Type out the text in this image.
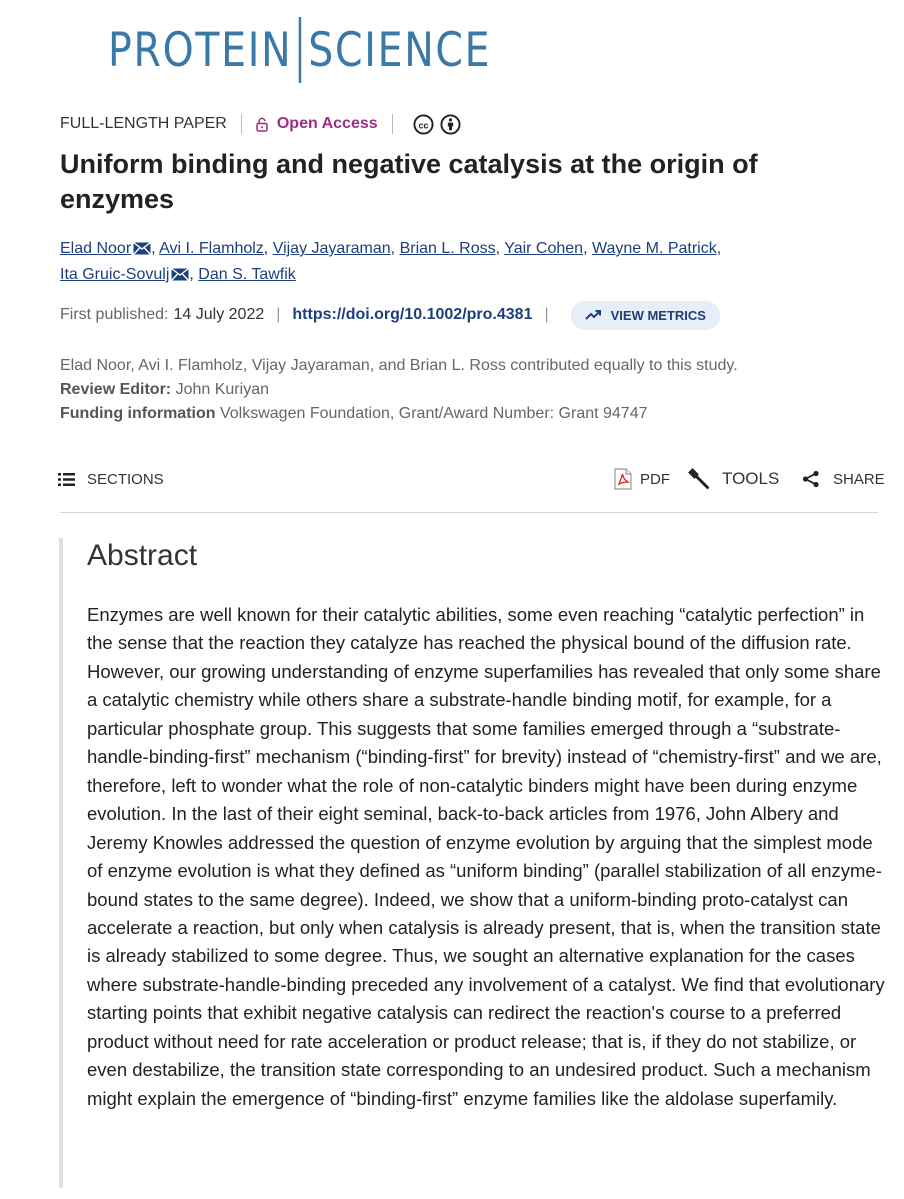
PROTEIN SCIENCE
FULL-LENGTH PAPER	Open Access	cc
Uniform binding and negative catalysis at the origin of enzymes
Elad Noor , Avi I. Flamholz, Vijay Jayaraman, Brian L. Ross, Yair Cohen, Wayne M. Patrick,
Ita Gruic-Sovulj , Dan S. Tawfik
First published: 14 July 2022 | https://doi.org/10.1002/pro.4381 |	VIEW METRICS
Elad Noor, Avi I. Flamholz, Vijay Jayaraman, and Brian L. Ross contributed equally to this study.
Review Editor: John Kuriyan
Funding information Volkswagen Foundation, Grant/Award Number: Grant 94747
SECTIONS	PDF	TOOLS	SHARE
Abstract
Enzymes are well known for their catalytic abilities, some even reaching “catalytic perfection” in the sense that the reaction they catalyze has reached the physical bound of the diffusion rate. However, our growing understanding of enzyme superfamilies has revealed that only some share a catalytic chemistry while others share a substrate-handle binding motif, for example, for a particular phosphate group. This suggests that some families emerged through a “substrate-handle-binding-first” mechanism (“binding-first” for brevity) instead of “chemistry-first” and we are, therefore, left to wonder what the role of non-catalytic binders might have been during enzyme evolution. In the last of their eight seminal, back-to-back articles from 1976, John Albery and Jeremy Knowles addressed the question of enzyme evolution by arguing that the simplest mode of enzyme evolution is what they defined as “uniform binding” (parallel stabilization of all enzyme-bound states to the same degree). Indeed, we show that a uniform-binding proto-catalyst can accelerate a reaction, but only when catalysis is already present, that is, when the transition state is already stabilized to some degree. Thus, we sought an alternative explanation for the cases where substrate-handle-binding preceded any involvement of a catalyst. We find that evolutionary starting points that exhibit negative catalysis can redirect the reaction's course to a preferred product without need for rate acceleration or product release; that is, if they do not stabilize, or even destabilize, the transition state corresponding to an undesired product. Such a mechanism might explain the emergence of “binding-first” enzyme families like the aldolase superfamily.
